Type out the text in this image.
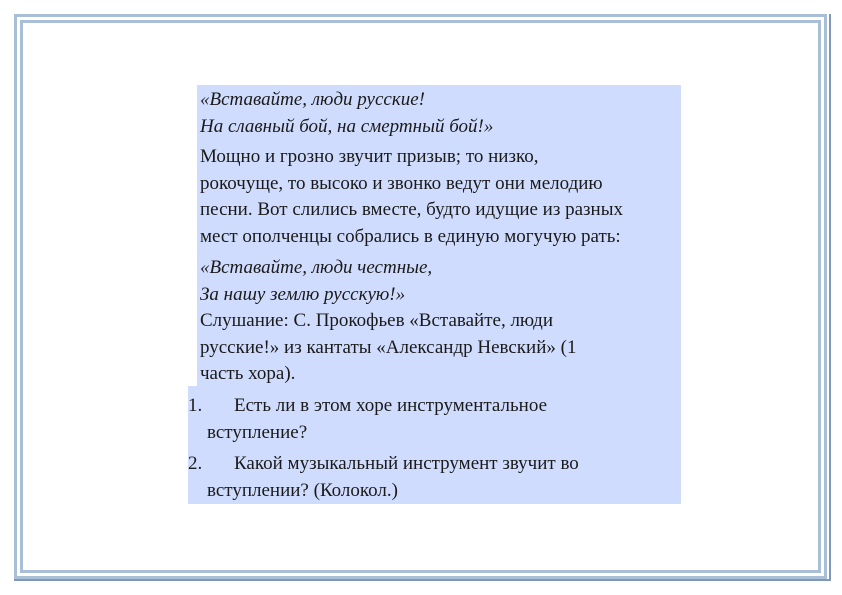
«Вставайте, люди русские!
На славный бой, на смертный бой!»
Мощно и грозно звучит призыв; то низко,
рокочуще, то высоко и звонко ведут они мелодию
песни. Вот слились вместе, будто идущие из разных
мест ополченцы собрались в единую могучую рать:
«Вставайте, люди честные,
За нашу землю русскую!»
Слушание: С. Прокофьев «Вставайте, люди
русские!» из кантаты «Александр Невский» (1
часть хора).
1.	Есть ли в этом хоре инструментальное
вступление?
2.	Какой музыкальный инструмент звучит во
вступлении? (Колокол.)
